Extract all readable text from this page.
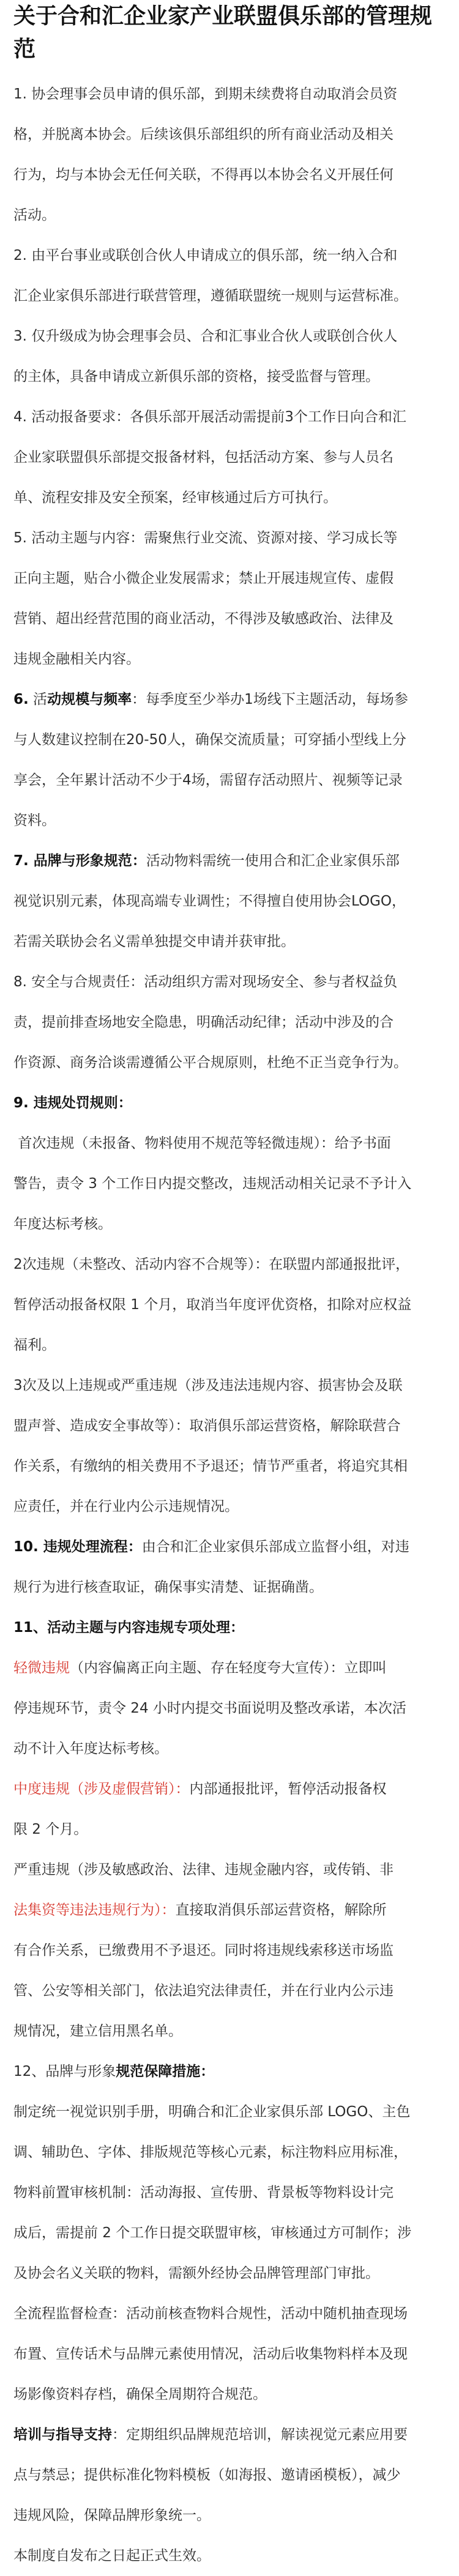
关于合和汇企业家产业联盟俱乐部的管理规范
1. 协会理事会员申请的俱乐部，到期未续费将自动取消会员资
格，并脱离本协会。后续该俱乐部组织的所有商业活动及相关
行为，均与本协会无任何关联，不得再以本协会名义开展任何
活动。
2. 由平台事业或联创合伙人申请成立的俱乐部，统一纳入合和
汇企业家俱乐部进行联营管理，遵循联盟统一规则与运营标准。
3. 仅升级成为协会理事会员、合和汇事业合伙人或联创合伙人
的主体，具备申请成立新俱乐部的资格，接受监督与管理。
4. 活动报备要求：各俱乐部开展活动需提前3个工作日向合和汇
企业家联盟俱乐部提交报备材料，包括活动方案、参与人员名
单、流程安排及安全预案，经审核通过后方可执行。
5. 活动主题与内容：需聚焦行业交流、资源对接、学习成长等
正向主题，贴合小微企业发展需求；禁止开展违规宣传、虚假
营销、超出经营范围的商业活动，不得涉及敏感政治、法律及
违规金融相关内容。
6. 活动规模与频率：每季度至少举办1场线下主题活动，每场参
与人数建议控制在20-50人，确保交流质量；可穿插小型线上分
享会，全年累计活动不少于4场，需留存活动照片、视频等记录
资料。
7. 品牌与形象规范：活动物料需统一使用合和汇企业家俱乐部
视觉识别元素，体现高端专业调性；不得擅自使用协会LOGO，
若需关联协会名义需单独提交申请并获审批。
8. 安全与合规责任：活动组织方需对现场安全、参与者权益负
责，提前排查场地安全隐患，明确活动纪律；活动中涉及的合
作资源、商务洽谈需遵循公平合规原则，杜绝不正当竞争行为。
9. 违规处罚规则：
首次违规（未报备、物料使用不规范等轻微违规）：给予书面
警告，责令 3 个工作日内提交整改，违规活动相关记录不予计入
年度达标考核。
2次违规（未整改、活动内容不合规等）：在联盟内部通报批评，
暂停活动报备权限 1 个月，取消当年度评优资格，扣除对应权益
福利。
3次及以上违规或严重违规（涉及违法违规内容、损害协会及联
盟声誉、造成安全事故等）：取消俱乐部运营资格，解除联营合
作关系，有缴纳的相关费用不予退还；情节严重者，将追究其相
应责任，并在行业内公示违规情况。
10. 违规处理流程：由合和汇企业家俱乐部成立监督小组，对违
规行为进行核查取证，确保事实清楚、证据确凿。
11、活动主题与内容违规专项处理：
轻微违规（内容偏离正向主题、存在轻度夸大宣传）：立即叫
停违规环节，责令 24 小时内提交书面说明及整改承诺，本次活
动不计入年度达标考核。
中度违规（涉及虚假营销）：内部通报批评，暂停活动报备权
限 2 个月。
严重违规（涉及敏感政治、法律、违规金融内容，或传销、非
法集资等违法违规行为）：直接取消俱乐部运营资格，解除所
有合作关系，已缴费用不予退还。同时将违规线索移送市场监
管、公安等相关部门，依法追究法律责任，并在行业内公示违
规情况，建立信用黑名单。
12、品牌与形象规范保障措施：
制定统一视觉识别手册，明确合和汇企业家俱乐部 LOGO、主色
调、辅助色、字体、排版规范等核心元素，标注物料应用标准，
物料前置审核机制：活动海报、宣传册、背景板等物料设计完
成后，需提前 2 个工作日提交联盟审核，审核通过方可制作；涉
及协会名义关联的物料，需额外经协会品牌管理部门审批。
全流程监督检查：活动前核查物料合规性，活动中随机抽查现场
布置、宣传话术与品牌元素使用情况，活动后收集物料样本及现
场影像资料存档，确保全周期符合规范。
培训与指导支持：定期组织品牌规范培训，解读视觉元素应用要
点与禁忌；提供标准化物料模板（如海报、邀请函模板），减少
违规风险，保障品牌形象统一。
本制度自发布之日起正式生效。
